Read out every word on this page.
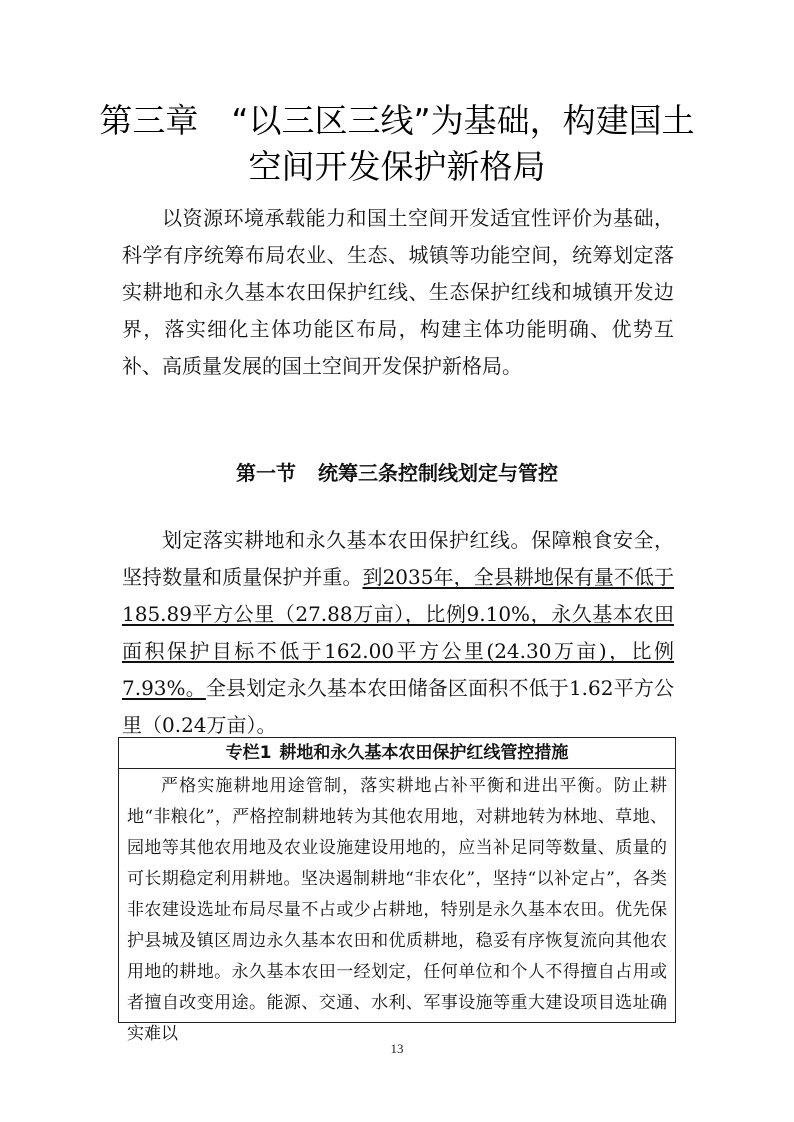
第三章　“以三区三线”为基础，构建国土
空间开发保护新格局

以资源环境承载能力和国土空间开发适宜性评价为基础，科学有序统筹布局农业、生态、城镇等功能空间，统筹划定落实耕地和永久基本农田保护红线、生态保护红线和城镇开发边界，落实细化主体功能区布局，构建主体功能明确、优势互补、高质量发展的国土空间开发保护新格局。

第一节 统筹三条控制线划定与管控

划定落实耕地和永久基本农田保护红线。保障粮食安全，坚持数量和质量保护并重。到2035年，全县耕地保有量不低于185.89平方公里（27.88万亩），比例9.10%，永久基本农田面积保护目标不低于162.00平方公里(24.30万亩)，比例7.93%。全县划定永久基本农田储备区面积不低于1.62平方公里（0.24万亩）。

专栏1 耕地和永久基本农田保护红线管控措施

严格实施耕地用途管制，落实耕地占补平衡和进出平衡。防止耕地“非粮化”，严格控制耕地转为其他农用地，对耕地转为林地、草地、园地等其他农用地及农业设施建设用地的，应当补足同等数量、质量的可长期稳定利用耕地。坚决遏制耕地“非农化”，坚持“以补定占”，各类非农建设选址布局尽量不占或少占耕地，特别是永久基本农田。优先保护县城及镇区周边永久基本农田和优质耕地，稳妥有序恢复流向其他农用地的耕地。永久基本农田一经划定，任何单位和个人不得擅自占用或者擅自改变用途。能源、交通、水利、军事设施等重大建设项目选址确实难以

13
